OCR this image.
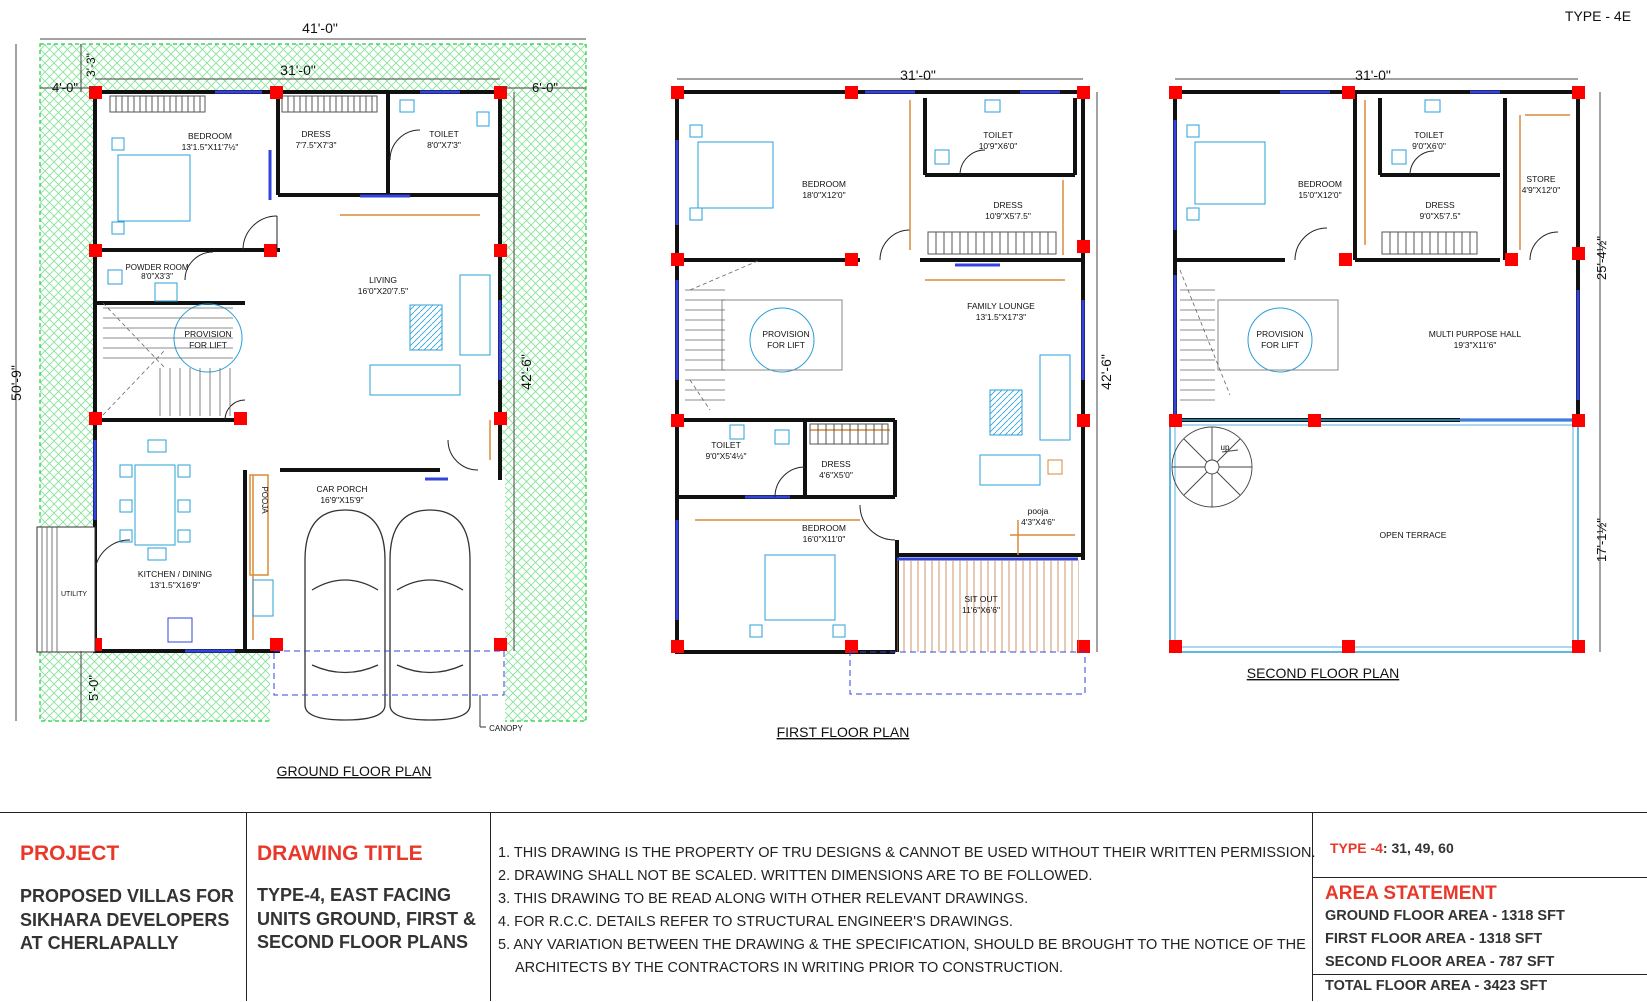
TYPE - 4E
41'-0"
31'-0"
4'-0"	6'-0"
3'-3"
50'-9"	42'-6"
5'-0"
BEDROOM
13'1.5"X11'7½"
DRESS
7'7.5"X7'3"
TOILET
8'0"X7'3"
POWDER ROOM
8'0"X3'3"	LIVING
16'0"X20'7.5"
PROVISION
FOR LIFT
CAR PORCH
16'9"X15'9"
POOJA
KITCHEN / DINING
13'1.5"X16'9"
UTILITY
CANOPY
GROUND FLOOR PLAN
31'-0"
42'-6"
BEDROOM
18'0"X12'0"
TOILET
10'9"X6'0"
DRESS
10'9"X5'7.5"
PROVISION
FOR LIFT
FAMILY LOUNGE
13'1.5"X17'3"
TOILET
9'0"X5'4½"
DRESS
4'6"X5'0"
BEDROOM
16'0"X11'0"
pooja
4'3"X4'6"
SIT OUT
11'6"X6'6"
FIRST FLOOR PLAN
31'-0"
25'-4½"
17'-1½"
BEDROOM
15'0"X12'0"
TOILET
9'0"X6'0"
DRESS
9'0"X5'7.5"
STORE
4'9"X12'0"
PROVISION
FOR LIFT
MULTI PURPOSE HALL
19'3"X11'6"
up
OPEN TERRACE
SECOND FLOOR PLAN
PROJECT
PROPOSED VILLAS FOR
SIKHARA DEVELOPERS
AT CHERLAPALLY
DRAWING TITLE
TYPE-4, EAST FACING
UNITS GROUND, FIRST &
SECOND FLOOR PLANS
1. THIS DRAWING IS THE PROPERTY OF TRU DESIGNS & CANNOT BE USED WITHOUT THEIR WRITTEN PERMISSION.
2. DRAWING SHALL NOT BE SCALED. WRITTEN DIMENSIONS ARE TO BE FOLLOWED.
3. THIS DRAWING TO BE READ ALONG WITH OTHER RELEVANT DRAWINGS.
4. FOR R.C.C. DETAILS REFER TO STRUCTURAL ENGINEER'S DRAWINGS.
5. ANY VARIATION BETWEEN THE DRAWING & THE SPECIFICATION, SHOULD BE BROUGHT TO THE NOTICE OF THE
ARCHITECTS BY THE CONTRACTORS IN WRITING PRIOR TO CONSTRUCTION.
TYPE -4: 31, 49, 60
AREA STATEMENT
GROUND FLOOR AREA - 1318 SFT
FIRST FLOOR AREA - 1318 SFT
SECOND FLOOR AREA - 787 SFT
TOTAL FLOOR AREA - 3423 SFT
